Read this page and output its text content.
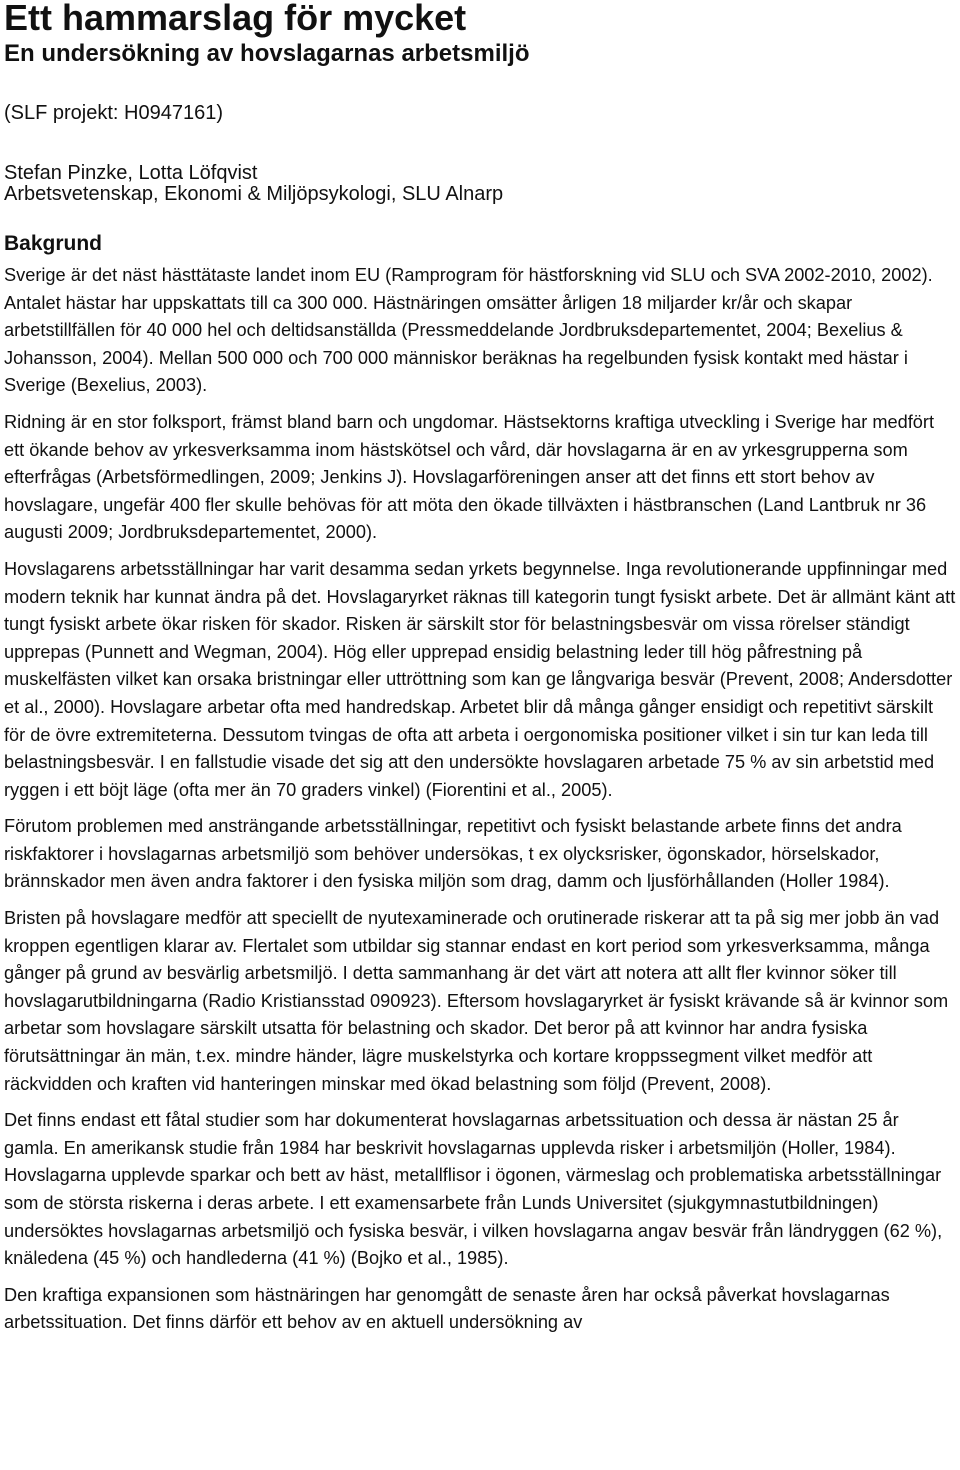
Ett hammarslag för mycket
En undersökning av hovslagarnas arbetsmiljö

(SLF projekt: H0947161)

Stefan Pinzke, Lotta Löfqvist

Arbetsvetenskap, Ekonomi & Miljöpsykologi, SLU Alnarp

Bakgrund

Sverige är det näst hästtätaste landet inom EU (Ramprogram för hästforskning vid SLU och SVA 2002-2010, 2002). Antalet hästar har uppskattats till ca 300 000. Hästnäringen omsätter årligen 18 miljarder kr/år och skapar arbetstillfällen för 40 000 hel och deltidsanställda (Pressmeddelande Jordbruksdepartementet, 2004; Bexelius & Johansson, 2004). Mellan 500 000 och 700 000 människor beräknas ha regelbunden fysisk kontakt med hästar i Sverige (Bexelius, 2003).

Ridning är en stor folksport, främst bland barn och ungdomar. Hästsektorns kraftiga utveckling i Sverige har medfört ett ökande behov av yrkesverksamma inom hästskötsel och vård, där hovslagarna är en av yrkesgrupperna som efterfrågas (Arbetsförmedlingen, 2009; Jenkins J). Hovslagarföreningen anser att det finns ett stort behov av hovslagare, ungefär 400 fler skulle behövas för att möta den ökade tillväxten i hästbranschen (Land Lantbruk nr 36 augusti 2009; Jordbruksdepartementet, 2000).

Hovslagarens arbetsställningar har varit desamma sedan yrkets begynnelse. Inga revolutionerande uppfinningar med modern teknik har kunnat ändra på det. Hovslagaryrket räknas till kategorin tungt fysiskt arbete. Det är allmänt känt att tungt fysiskt arbete ökar risken för skador. Risken är särskilt stor för belastningsbesvär om vissa rörelser ständigt upprepas (Punnett and Wegman, 2004). Hög eller upprepad ensidig belastning leder till hög påfrestning på muskelfästen vilket kan orsaka bristningar eller uttröttning som kan ge långvariga besvär (Prevent, 2008; Andersdotter et al., 2000). Hovslagare arbetar ofta med handredskap. Arbetet blir då många gånger ensidigt och repetitivt särskilt för de övre extremiteterna. Dessutom tvingas de ofta att arbeta i oergonomiska positioner vilket i sin tur kan leda till belastningsbesvär. I en fallstudie visade det sig att den undersökte hovslagaren arbetade 75 % av sin arbetstid med ryggen i ett böjt läge (ofta mer än 70 graders vinkel) (Fiorentini et al., 2005).

Förutom problemen med ansträngande arbetsställningar, repetitivt och fysiskt belastande arbete finns det andra riskfaktorer i hovslagarnas arbetsmiljö som behöver undersökas, t ex olycksrisker, ögonskador, hörselskador, brännskador men även andra faktorer i den fysiska miljön som drag, damm och ljusförhållanden (Holler 1984).

Bristen på hovslagare medför att speciellt de nyutexaminerade och orutinerade riskerar att ta på sig mer jobb än vad kroppen egentligen klarar av. Flertalet som utbildar sig stannar endast en kort period som yrkesverksamma, många gånger på grund av besvärlig arbetsmiljö. I detta sammanhang är det värt att notera att allt fler kvinnor söker till hovslagarutbildningarna (Radio Kristiansstad 090923). Eftersom hovslagaryrket är fysiskt krävande så är kvinnor som arbetar som hovslagare särskilt utsatta för belastning och skador. Det beror på att kvinnor har andra fysiska förutsättningar än män, t.ex. mindre händer, lägre muskelstyrka och kortare kroppssegment vilket medför att räckvidden och kraften vid hanteringen minskar med ökad belastning som följd (Prevent, 2008).

Det finns endast ett fåtal studier som har dokumenterat hovslagarnas arbetssituation och dessa är nästan 25 år gamla. En amerikansk studie från 1984 har beskrivit hovslagarnas upplevda risker i arbetsmiljön (Holler, 1984). Hovslagarna upplevde sparkar och bett av häst, metallflisor i ögonen, värmeslag och problematiska arbetsställningar som de största riskerna i deras arbete. I ett examensarbete från Lunds Universitet (sjukgymnastutbildningen) undersöktes hovslagarnas arbetsmiljö och fysiska besvär, i vilken hovslagarna angav besvär från ländryggen (62 %), knäledena (45 %) och handlederna (41 %) (Bojko et al., 1985).

Den kraftiga expansionen som hästnäringen har genomgått de senaste åren har också påverkat hovslagarnas arbetssituation. Det finns därför ett behov av en aktuell undersökning av
